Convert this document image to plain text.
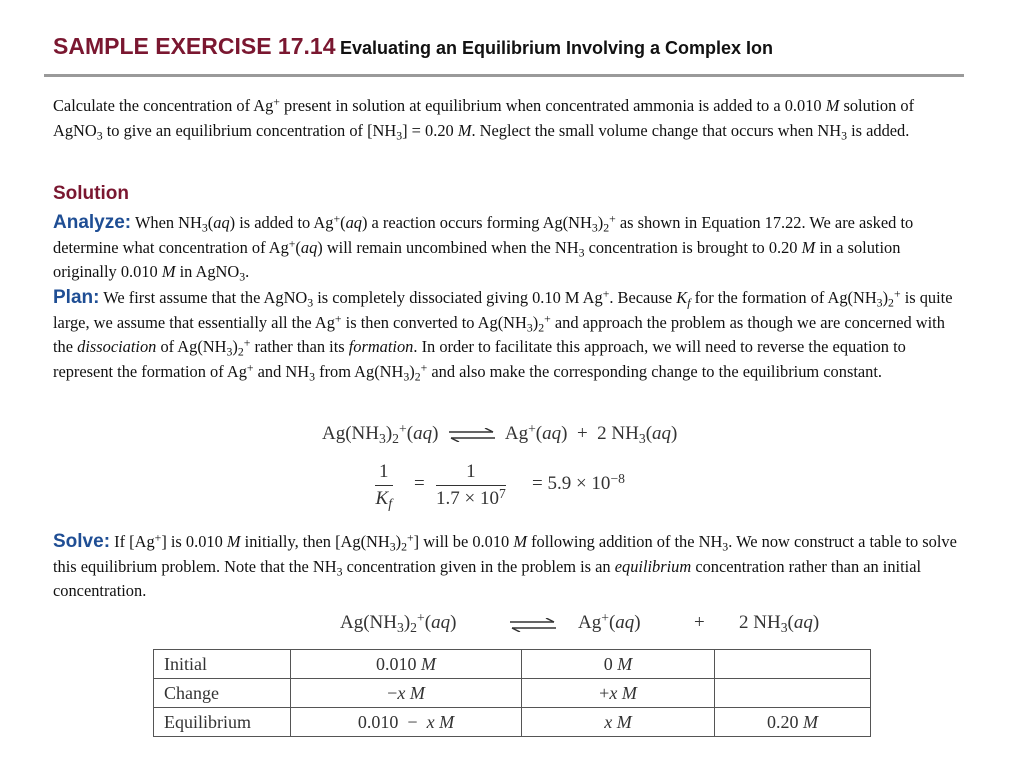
SAMPLE EXERCISE 17.14 Evaluating an Equilibrium Involving a Complex Ion
Calculate the concentration of Ag+ present in solution at equilibrium when concentrated ammonia is added to a 0.010 M solution of AgNO$_3$ to give an equilibrium concentration of $[NH_3] = 0.20$ M. Neglect the small volume change that occurs when $NH_3$ is added.
Solution
Analyze: When $NH_3(aq)$ is added to Ag+(aq) a reaction occurs forming $Ag(NH_3)_2^+$ as shown in Equation 17.22. We are asked to determine what concentration of Ag+(aq) will remain uncombined when the $NH_3$ concentration is brought to 0.20 M in a solution originally 0.010 M in AgNO$_3$.
Plan: We first assume that the AgNO$_3$ is completely dissociated giving 0.10 M Ag+. Because $K_f$ for the formation of $Ag(NH_3)_2^+$ is quite large, we assume that essentially all the Ag+ is then converted to $Ag(NH_3)_2^+$ and approach the problem as though we are concerned with the dissociation of $Ag(NH_3)_2^+$ rather than its formation. In order to facilitate this approach, we will need to reverse the equation to represent the formation of Ag+ and $NH_3$ from $Ag(NH_3)_2^+$ and also make the corresponding change to the equilibrium constant.
$Ag(NH_3)_2^+(aq)$ ⇌ Ag+(aq)  +  2 $NH_3(aq)$
$\frac{1}{K_f} = \frac{1}{1.7 \times 10^7} = 5.9 \times 10^{-8}$
Solve: If [Ag+] is 0.010 M initially, then $[Ag(NH_3)_2^+]$ will be 0.010 M following addition of the $NH_3$. We now construct a table to solve this equilibrium problem. Note that the $NH_3$ concentration given in the problem is an equilibrium concentration rather than an initial concentration.
$Ag(NH_3)_2^+(aq)$	Ag+(aq)	+ 2 $NH_3(aq)$
Initial	0.010 M	0 M	
Change	−x M	+x M	
Equilibrium	0.010  −  x M	x M	0.20 M
